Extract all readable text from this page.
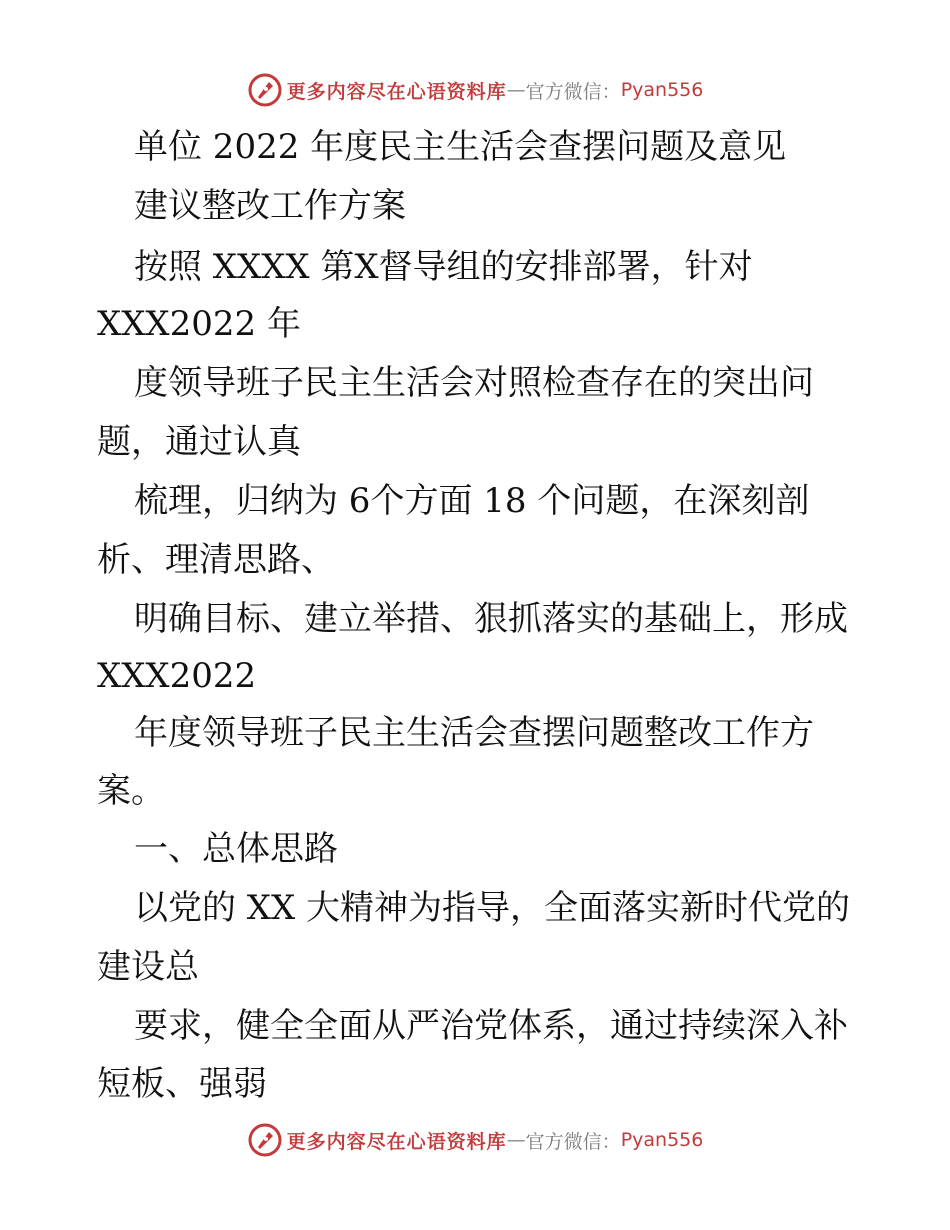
更多内容尽在心语资料库 — 官方微信： Pyan556
单位 2022 年度民主生活会查摆问题及意见
建议整改工作方案
按照 XXXX 第X督导组的安排部署，针对
XXX2022 年
度领导班子民主生活会对照检查存在的突出问
题，通过认真
梳理，归纳为 6个方面 18 个问题，在深刻剖
析、理清思路、
明确目标、建立举措、狠抓落实的基础上，形成
XXX2022
年度领导班子民主生活会查摆问题整改工作方
案。
一、总体思路
以党的 XX 大精神为指导，全面落实新时代党的
建设总
要求，健全全面从严治党体系，通过持续深入补
短板、强弱
更多内容尽在心语资料库 — 官方微信： Pyan556
